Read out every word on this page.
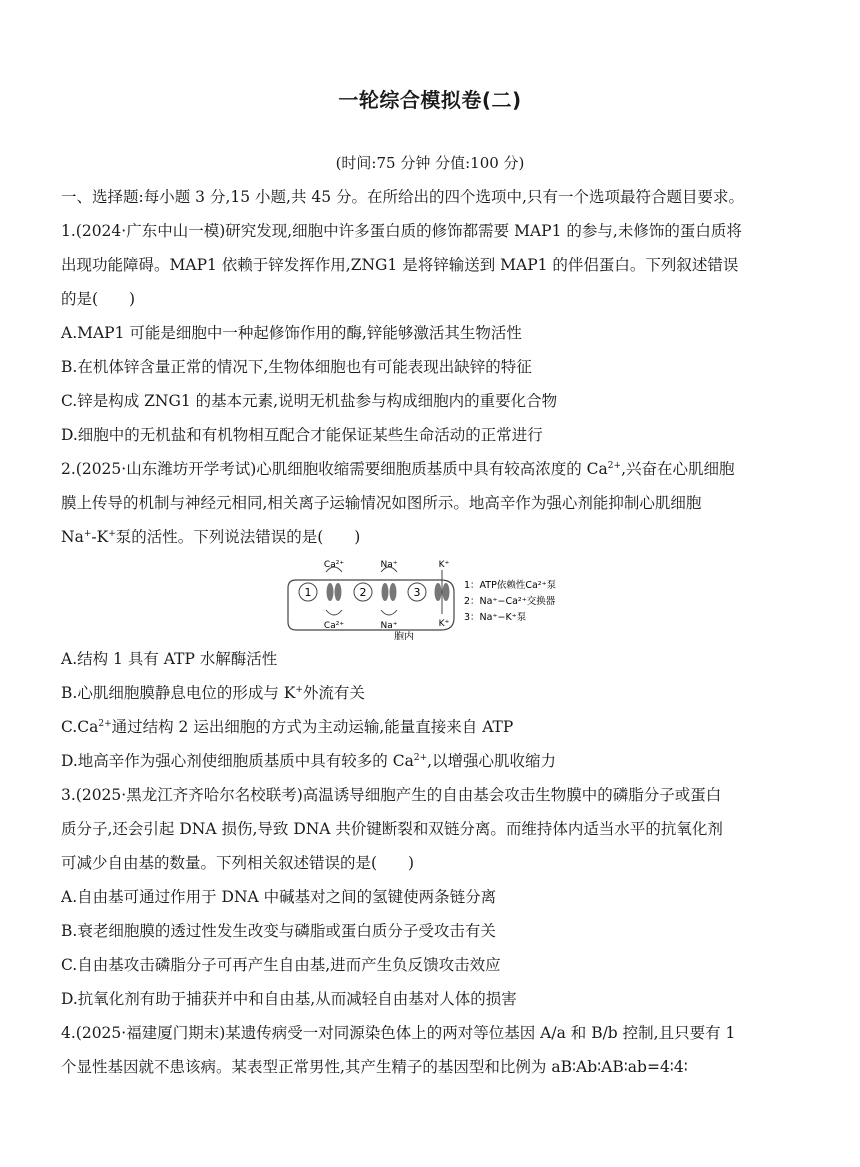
一轮综合模拟卷(二)
(时间:75 分钟 分值:100 分)
一、选择题:每小题 3 分,15 小题,共 45 分。在所给出的四个选项中,只有一个选项最符合题目要求。
1.(2024·广东中山一模)研究发现,细胞中许多蛋白质的修饰都需要 MAP1 的参与,未修饰的蛋白质将
出现功能障碍。MAP1 依赖于锌发挥作用,ZNG1 是将锌输送到 MAP1 的伴侣蛋白。下列叙述错误
的是(　　)
A.MAP1 可能是细胞中一种起修饰作用的酶,锌能够激活其生物活性
B.在机体锌含量正常的情况下,生物体细胞也有可能表现出缺锌的特征
C.锌是构成 ZNG1 的基本元素,说明无机盐参与构成细胞内的重要化合物
D.细胞中的无机盐和有机物相互配合才能保证某些生命活动的正常进行
2.(2025·山东潍坊开学考试)心肌细胞收缩需要细胞质基质中具有较高浓度的 $Ca^{2+}$,兴奋在心肌细胞
膜上传导的机制与神经元相同,相关离子运输情况如图所示。地高辛作为强心剂能抑制心肌细胞
Na+-K+泵的活性。下列说法错误的是(　　)
1	2	3
Ca²⁺
Ca²⁺
Na⁺
Na⁺
K⁺
K⁺
胞内
1：ATP依赖性Ca²⁺泵
2：Na⁺−Ca²⁺交换器
3：Na⁺−K⁺泵
A.结构 1 具有 ATP 水解酶活性
B.心肌细胞膜静息电位的形成与 K+外流有关
$C.Ca^{2+}$通过结构 2 运出细胞的方式为主动运输,能量直接来自 ATP
D.地高辛作为强心剂使细胞质基质中具有较多的 $Ca^{2+}$,以增强心肌收缩力
3.(2025·黑龙江齐齐哈尔名校联考)高温诱导细胞产生的自由基会攻击生物膜中的磷脂分子或蛋白
质分子,还会引起 DNA 损伤,导致 DNA 共价键断裂和双链分离。而维持体内适当水平的抗氧化剂
可减少自由基的数量。下列相关叙述错误的是(　　)
A.自由基可通过作用于 DNA 中碱基对之间的氢键使两条链分离
B.衰老细胞膜的透过性发生改变与磷脂或蛋白质分子受攻击有关
C.自由基攻击磷脂分子可再产生自由基,进而产生负反馈攻击效应
D.抗氧化剂有助于捕获并中和自由基,从而减轻自由基对人体的损害
4.(2025·福建厦门期末)某遗传病受一对同源染色体上的两对等位基因 A/a 和 B/b 控制,且只要有 1
个显性基因就不患该病。某表型正常男性,其产生精子的基因型和比例为 aB∶Ab∶AB∶ab=4∶4∶
